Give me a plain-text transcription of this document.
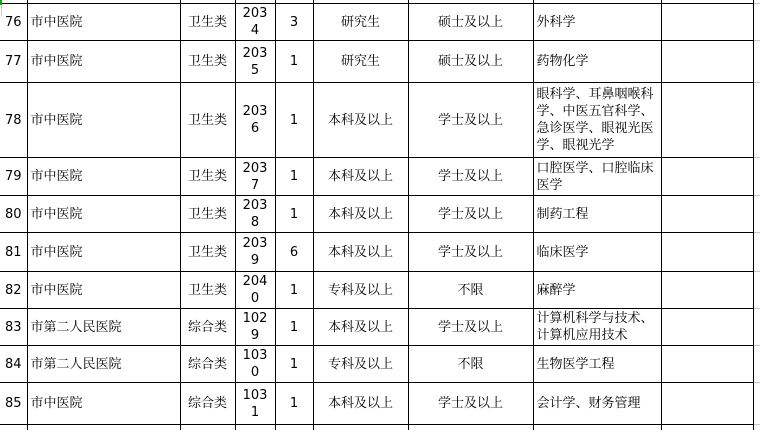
76	市中医院	卫生类	2034	3	研究生	硕士及以上	外科学		
77	市中医院	卫生类	2035	1	研究生	硕士及以上	药物化学		
78	市中医院	卫生类	2036	1	本科及以上	学士及以上	眼科学、耳鼻咽喉科学、中医五官科学、急诊医学、眼视光医学、眼视光学		
79	市中医院	卫生类	2037	1	本科及以上	学士及以上	口腔医学、口腔临床医学		
80	市中医院	卫生类	2038	1	本科及以上	学士及以上	制药工程		
81	市中医院	卫生类	2039	6	本科及以上	学士及以上	临床医学		
82	市中医院	卫生类	2040	1	专科及以上	不限	麻醉学		
83	市第二人民医院	综合类	1029	1	本科及以上	学士及以上	计算机科学与技术、计算机应用技术		
84	市第二人民医院	综合类	1030	1	专科及以上	不限	生物医学工程		
85	市中医院	综合类	1031	1	本科及以上	学士及以上	会计学、财务管理		
